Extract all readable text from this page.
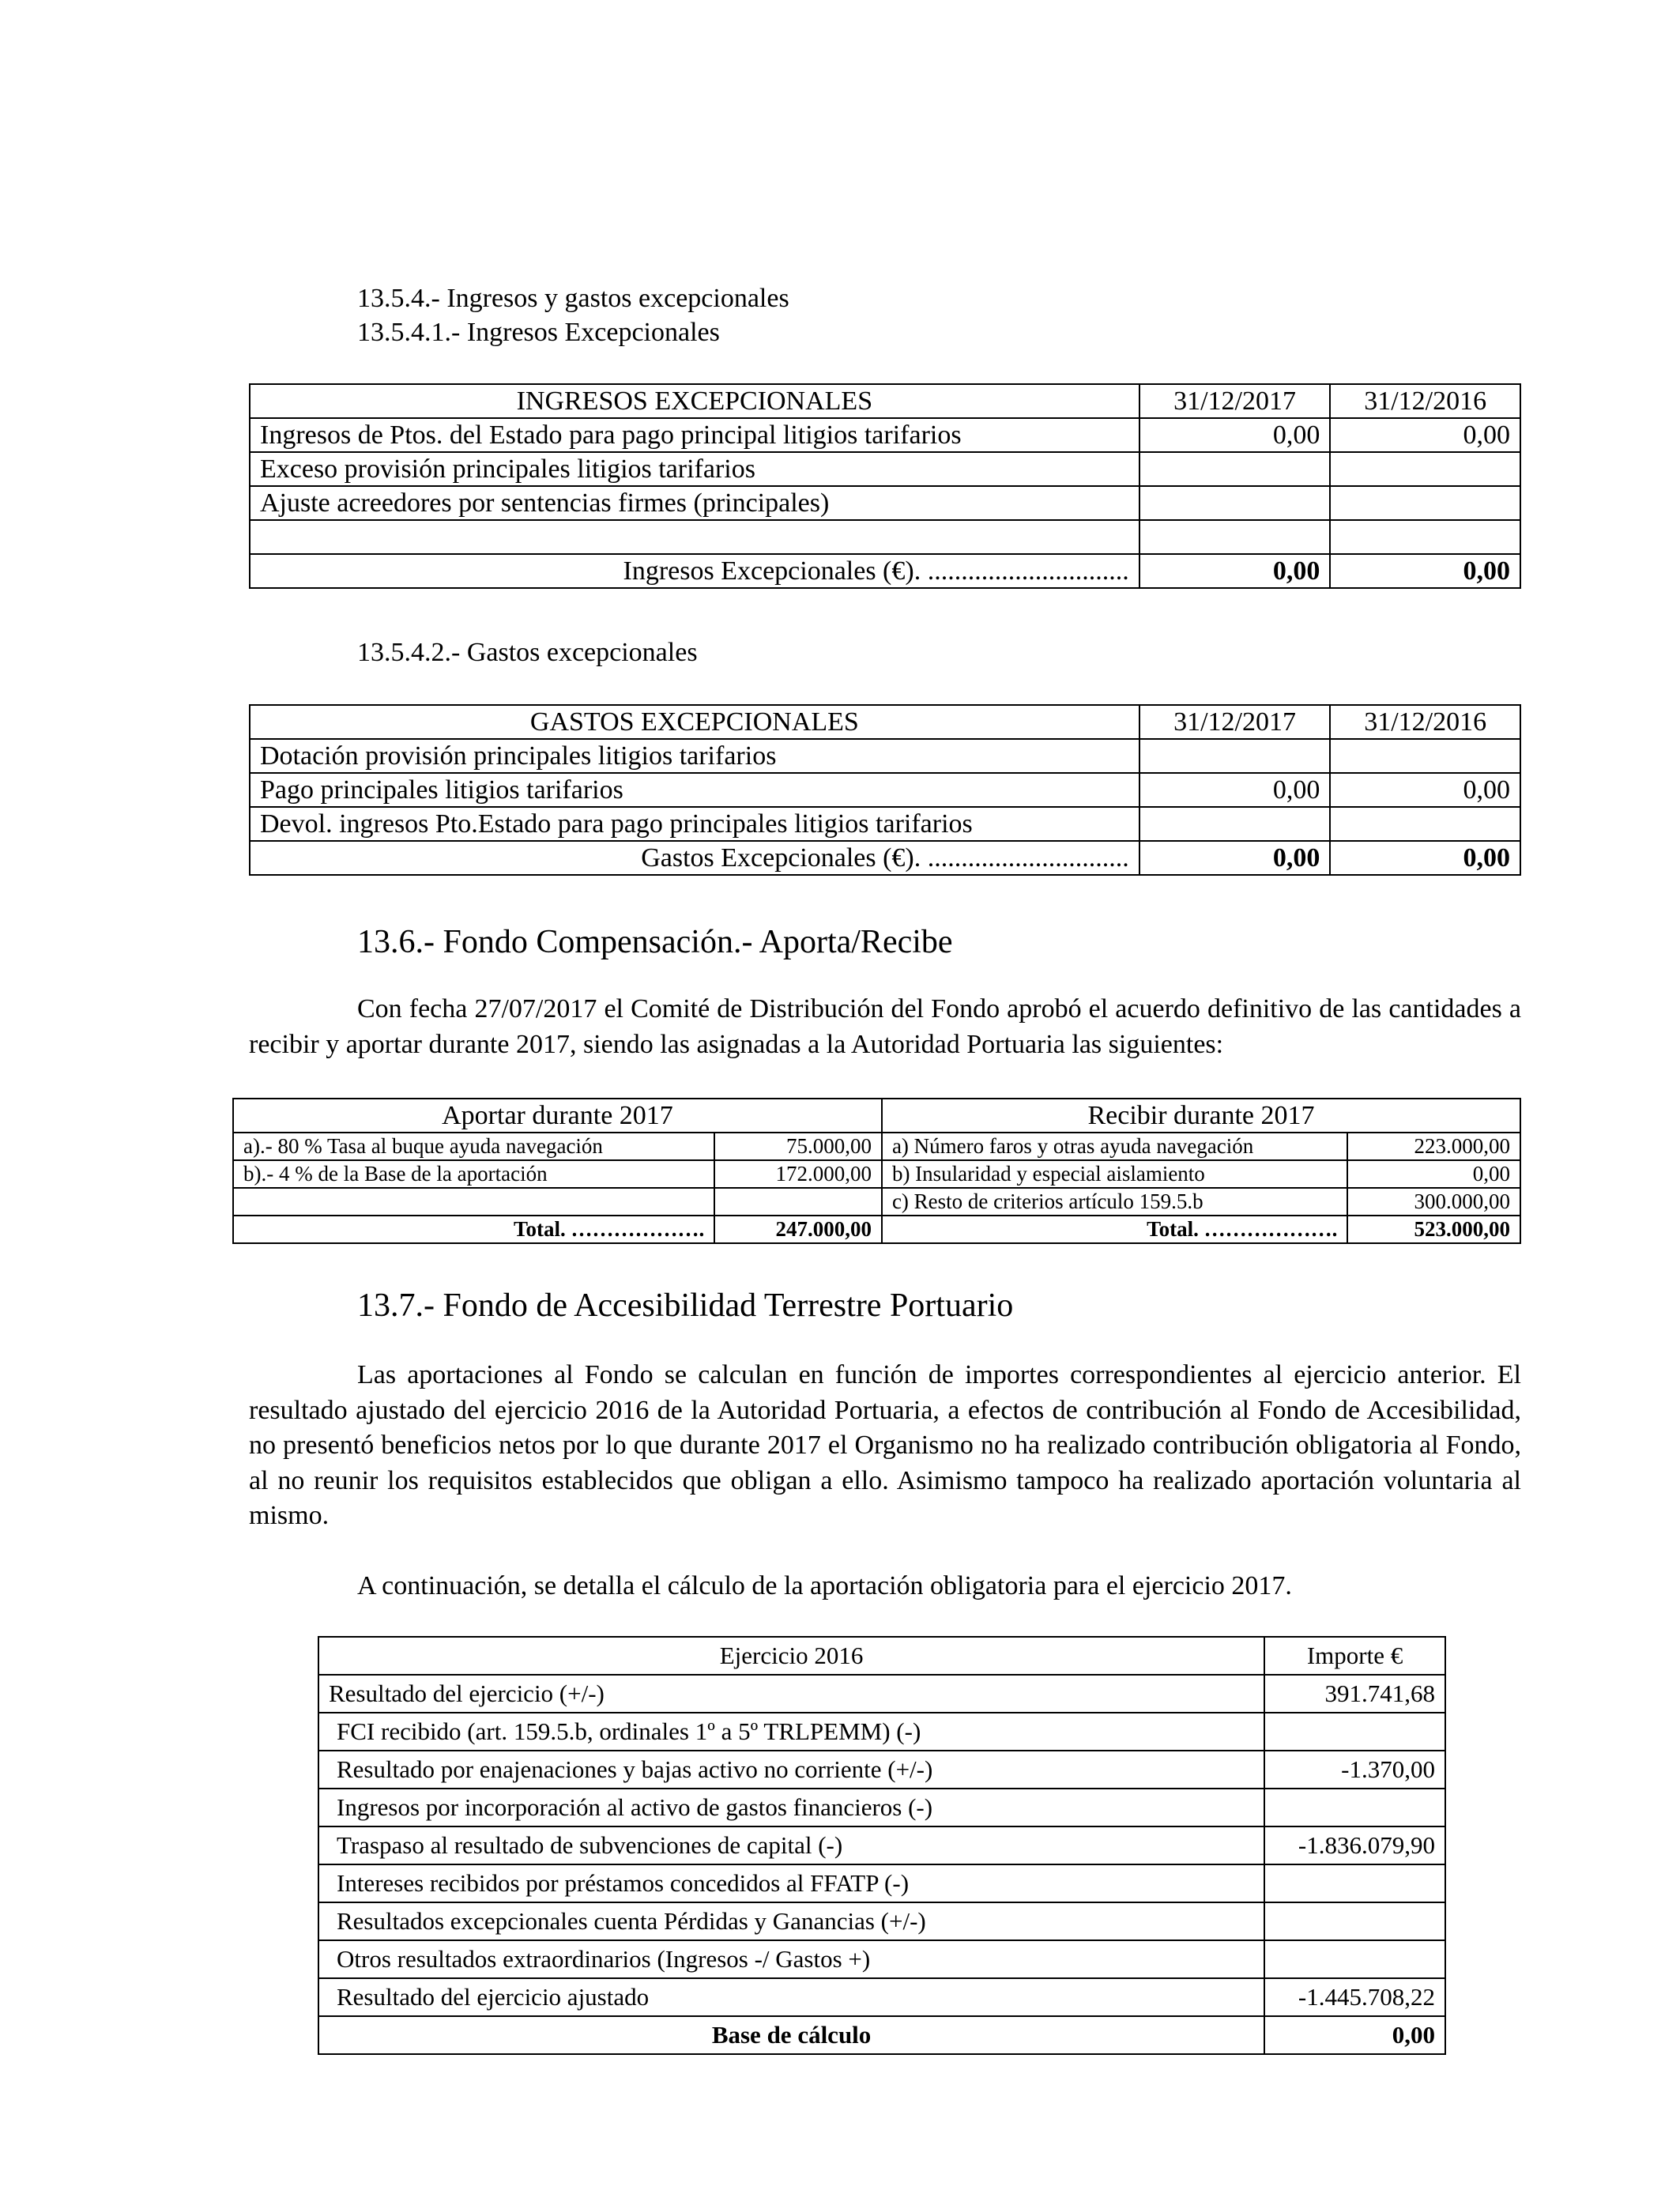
13.5.4.- Ingresos y gastos excepcionales
13.5.4.1.- Ingresos Excepcionales
INGRESOS EXCEPCIONALES	31/12/2017	31/12/2016
Ingresos de Ptos. del Estado para pago principal litigios tarifarios	0,00	0,00
Exceso provisión principales litigios tarifarios		
Ajuste acreedores por sentencias firmes (principales)		

Ingresos Excepcionales (€). ..............................	0,00	0,00
13.5.4.2.- Gastos excepcionales
GASTOS EXCEPCIONALES	31/12/2017	31/12/2016
Dotación provisión principales litigios tarifarios		
Pago principales litigios tarifarios	0,00	0,00
Devol. ingresos Pto.Estado para pago principales litigios tarifarios		
Gastos Excepcionales (€). ..............................	0,00	0,00
13.6.- Fondo Compensación.- Aporta/Recibe
Con fecha 27/07/2017 el Comité de Distribución del Fondo aprobó el acuerdo definitivo de las cantidades a recibir y aportar durante 2017, siendo las asignadas a la Autoridad Portuaria las siguientes:
Aportar durante 2017		Recibir durante 2017	
a).- 80 % Tasa al buque ayuda navegación	75.000,00	a) Número faros y otras ayuda navegación	223.000,00
b).- 4 % de la Base de la aportación	172.000,00	b) Insularidad y especial aislamiento	0,00
		c) Resto de criterios artículo 159.5.b	300.000,00
Total. ……………….	247.000,00	Total. ……………….	523.000,00
13.7.- Fondo de Accesibilidad Terrestre Portuario
Las aportaciones al Fondo se calculan en función de importes correspondientes al ejercicio anterior. El resultado ajustado del ejercicio 2016 de la Autoridad Portuaria, a efectos de contribución al Fondo de Accesibilidad, no presentó beneficios netos por lo que durante 2017 el Organismo no ha realizado contribución obligatoria al Fondo, al no reunir los requisitos establecidos que obligan a ello. Asimismo tampoco ha realizado aportación voluntaria al mismo.
A continuación, se detalla el cálculo de la aportación obligatoria para el ejercicio 2017.
Ejercicio 2016	Importe €
Resultado del ejercicio (+/-)	391.741,68
FCI recibido (art. 159.5.b, ordinales 1º a 5º TRLPEMM) (-)	
Resultado por enajenaciones y bajas activo no corriente (+/-)	-1.370,00
Ingresos por incorporación al activo de gastos financieros (-)	
Traspaso al resultado de subvenciones de capital (-)	-1.836.079,90
Intereses recibidos por préstamos concedidos al FFATP (-)	
Resultados excepcionales cuenta Pérdidas y Ganancias (+/-)	
Otros resultados extraordinarios (Ingresos -/ Gastos +)	
Resultado del ejercicio ajustado	-1.445.708,22
Base de cálculo	0,00
